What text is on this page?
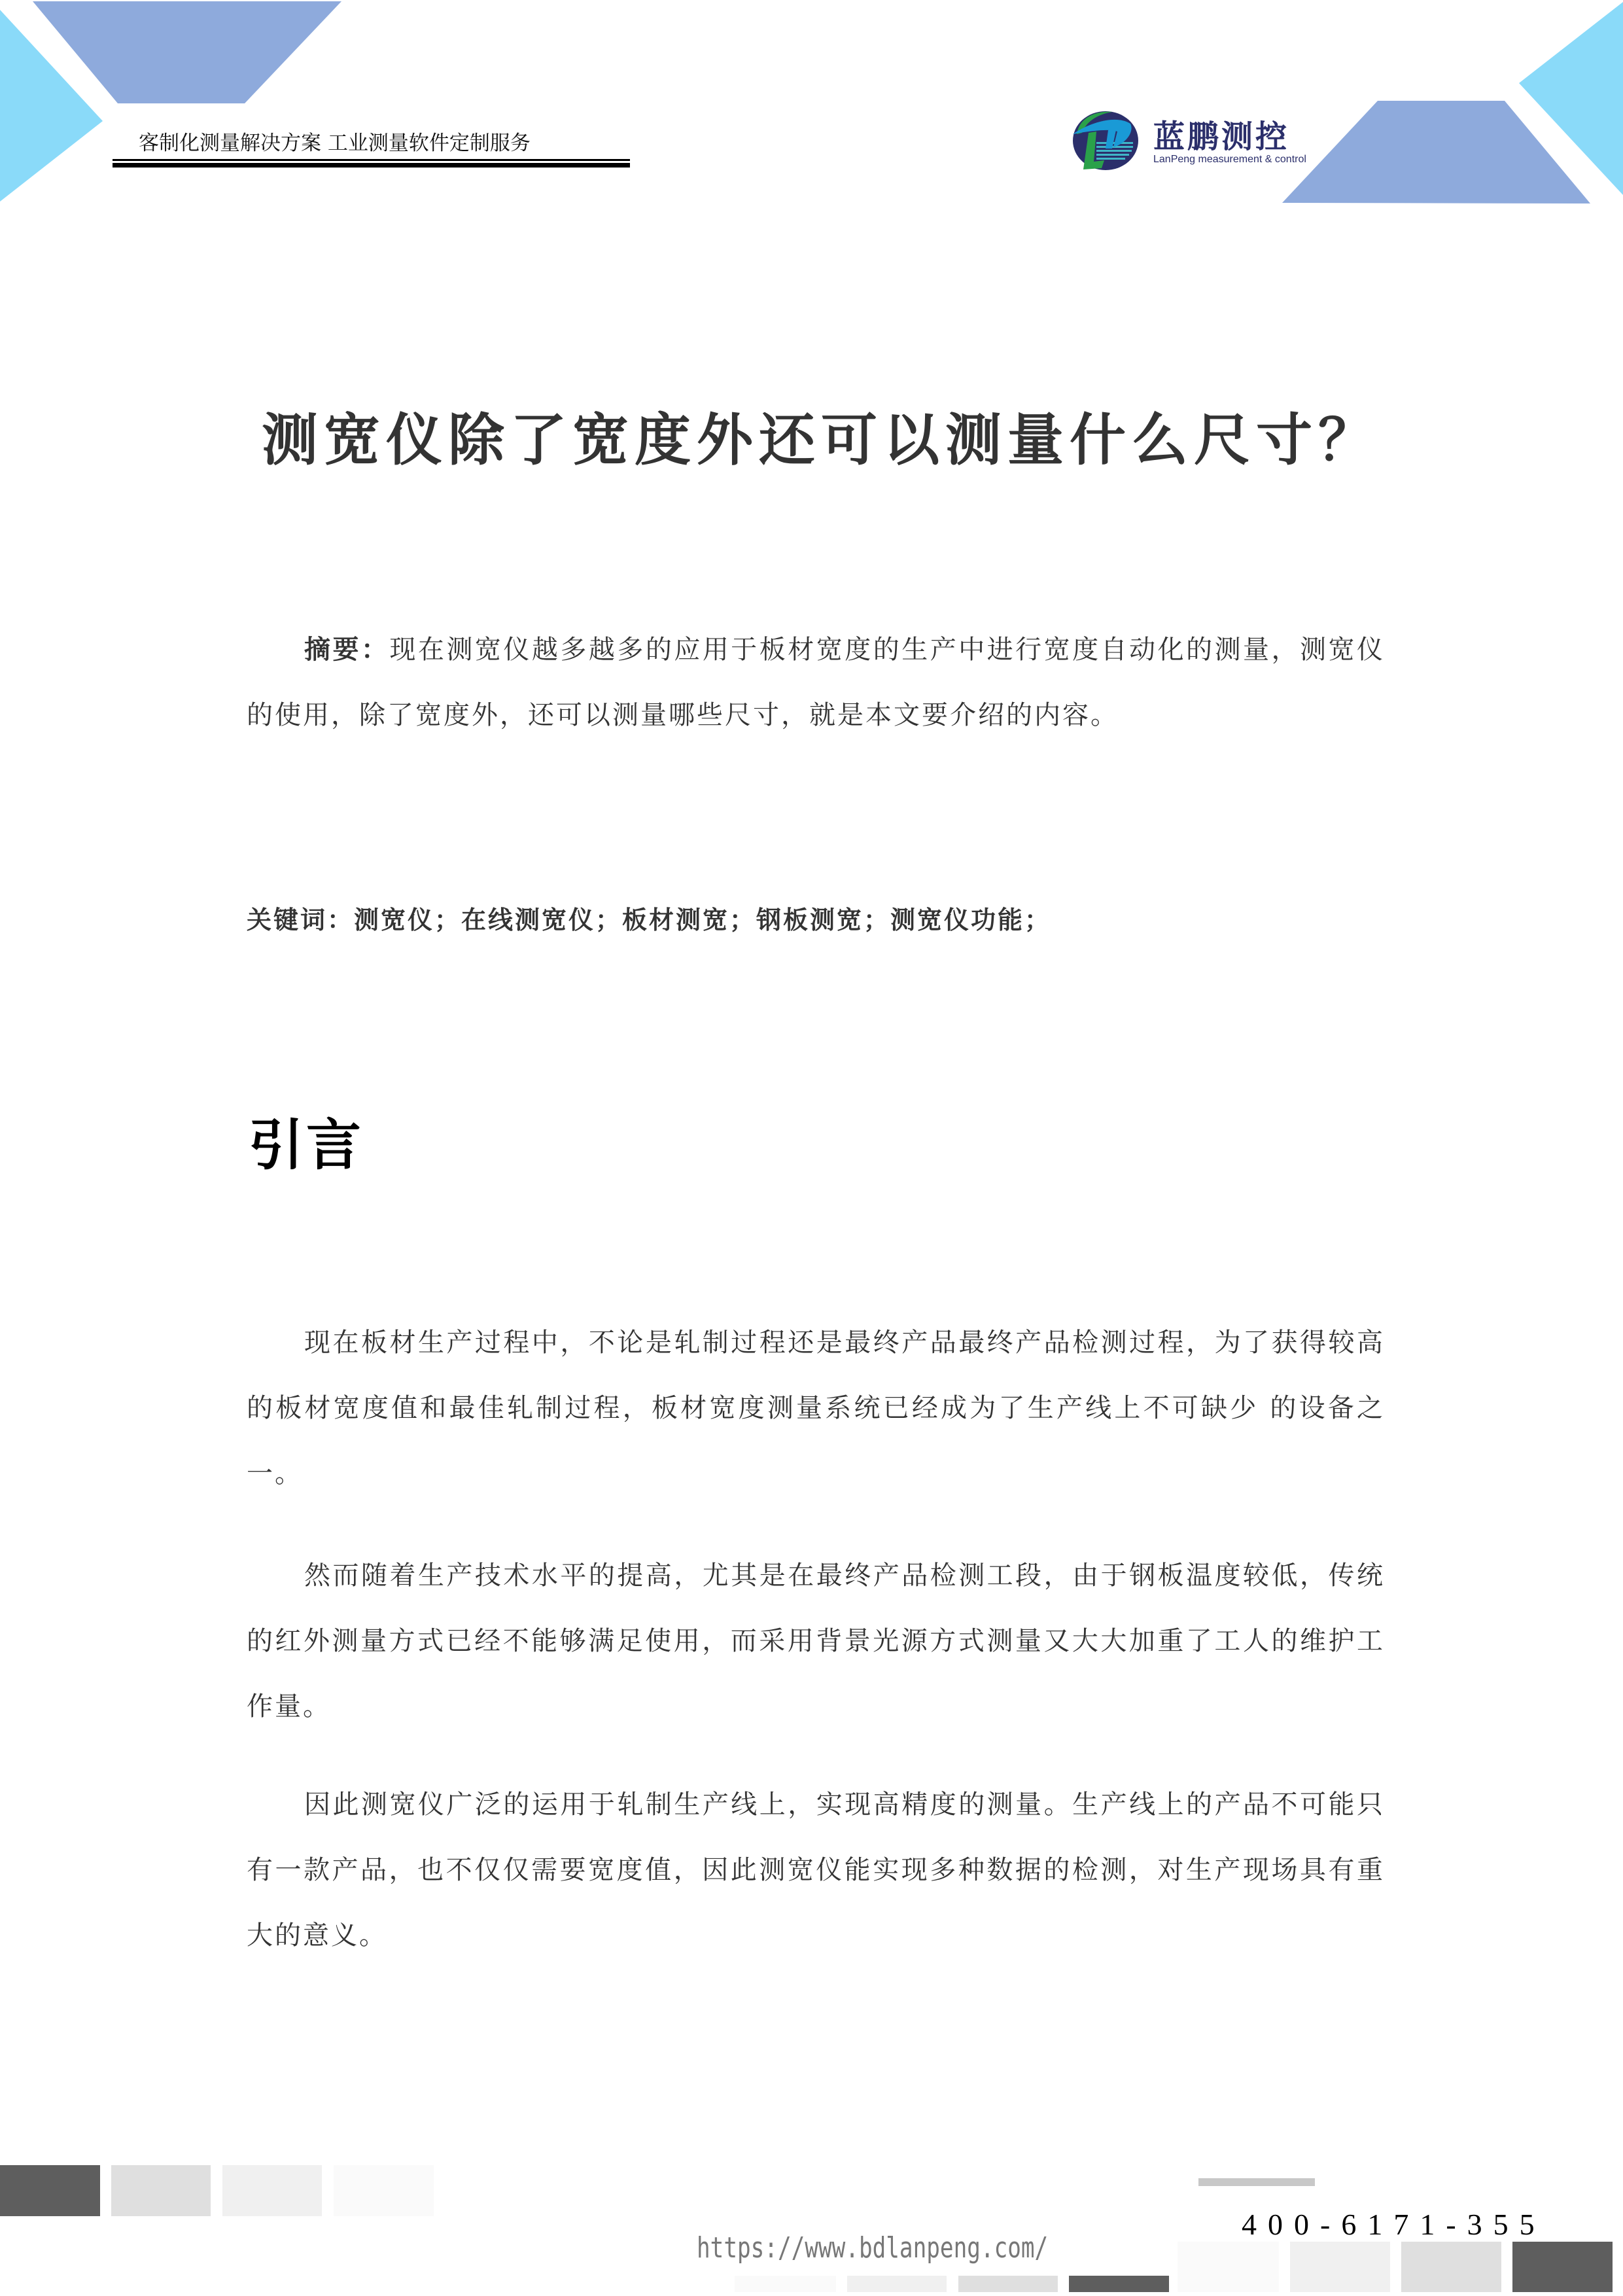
客制化测量解决方案 工业测量软件定制服务	蓝鹏测控
LanPeng measurement & control
测宽仪除了宽度外还可以测量什么尺寸？
摘要：现在测宽仪越多越多的应用于板材宽度的生产中进行宽度自动化的测量，测宽仪的使用，除了宽度外，还可以测量哪些尺寸，就是本文要介绍的内容。
关键词：测宽仪；在线测宽仪；板材测宽；钢板测宽；测宽仪功能；
引言

现在板材生产过程中，不论是轧制过程还是最终产品最终产品检测过程，为了获得较高的板材宽度值和最佳轧制过程，板材宽度测量系统已经成为了生产线上不可缺少 的设备之一。

然而随着生产技术水平的提高，尤其是在最终产品检测工段，由于钢板温度较低，传统的红外测量方式已经不能够满足使用，而采用背景光源方式测量又大大加重了工人的维护工作量。

因此测宽仪广泛的运用于轧制生产线上，实现高精度的测量。生产线上的产品不可能只有一款产品，也不仅仅需要宽度值，因此测宽仪能实现多种数据的检测，对生产现场具有重大的意义。

https://www.bdlanpeng.com/
400-6171-355
